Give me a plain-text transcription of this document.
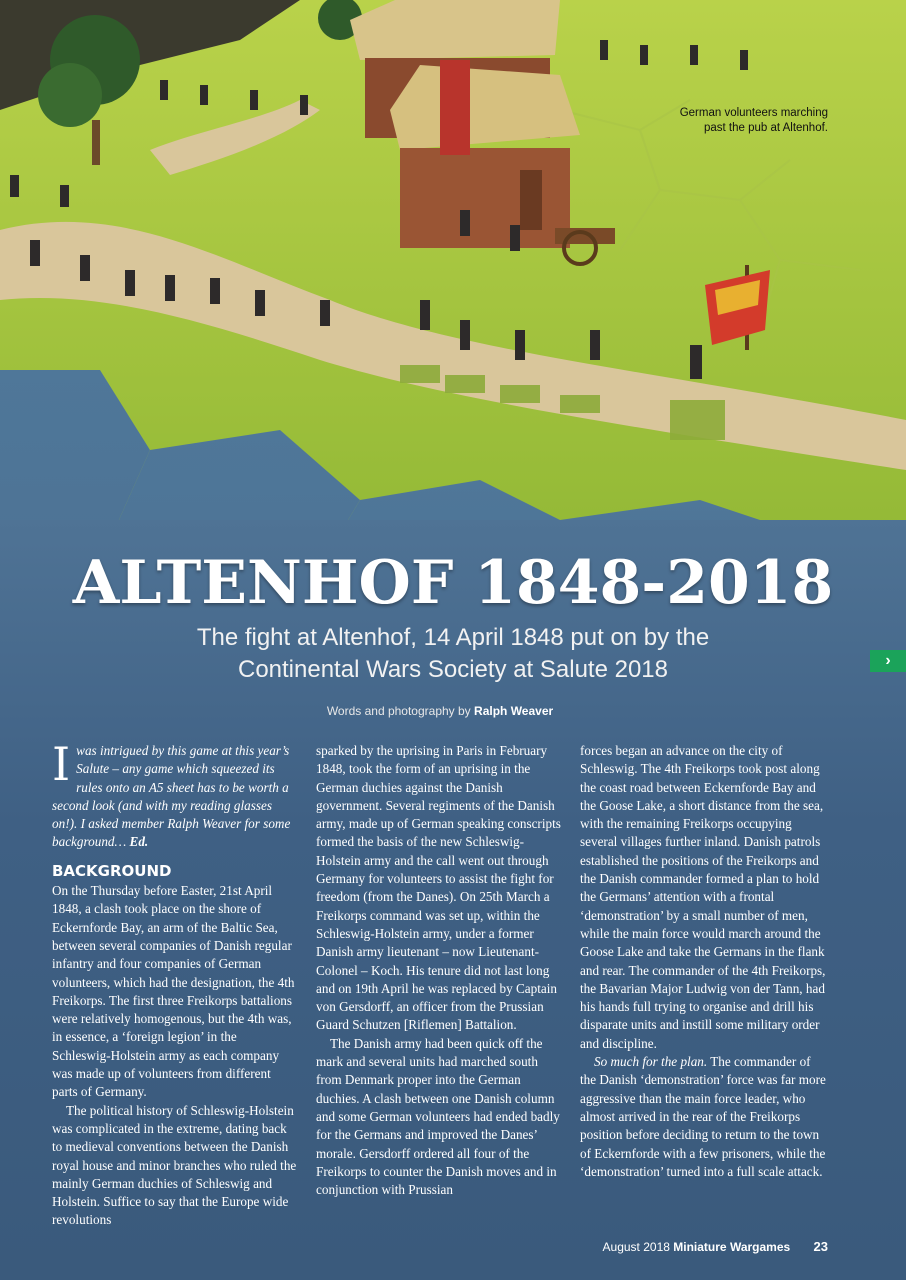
German volunteers marching past the pub at Altenhof.
›
ALTENHOF 1848-2018
The fight at Altenhof, 14 April 1848 put on by the
Continental Wars Society at Salute 2018
Words and photography by Ralph Weaver

Iwas intrigued by this game at this year’s Salute – any game which squeezed its rules onto an A5 sheet has to be worth a second look (and with my reading glasses on!). I asked member Ralph Weaver for some background… Ed.

BACKGROUND

On the Thursday before Easter, 21st April 1848, a clash took place on the shore of Eckernforde Bay, an arm of the Baltic Sea, between several companies of Danish regular infantry and four companies of German volunteers, which had the designation, the 4th Freikorps. The first three Freikorps battalions were relatively homogenous, but the 4th was, in essence, a ‘foreign legion’ in the Schleswig-Holstein army as each company was made up of volunteers from different parts of Germany.

The political history of Schleswig-Holstein was complicated in the extreme, dating back to medieval conventions between the Danish royal house and minor branches who ruled the mainly German duchies of Schleswig and Holstein. Suffice to say that the Europe wide revolutions

sparked by the uprising in Paris in February 1848, took the form of an uprising in the German duchies against the Danish government. Several regiments of the Danish army, made up of German speaking conscripts formed the basis of the new Schleswig-Holstein army and the call went out through Germany for volunteers to assist the fight for freedom (from the Danes). On 25th March a Freikorps command was set up, within the Schleswig-Holstein army, under a former Danish army lieutenant – now Lieutenant-Colonel – Koch. His tenure did not last long and on 19th April he was replaced by Captain von Gersdorff, an officer from the Prussian Guard Schutzen [Riflemen] Battalion.

The Danish army had been quick off the mark and several units had marched south from Denmark proper into the German duchies. A clash between one Danish column and some German volunteers had ended badly for the Germans and improved the Danes’ morale. Gersdorff ordered all four of the Freikorps to counter the Danish moves and in conjunction with Prussian

forces began an advance on the city of Schleswig. The 4th Freikorps took post along the coast road between Eckernforde Bay and the Goose Lake, a short distance from the sea, with the remaining Freikorps occupying several villages further inland. Danish patrols established the positions of the Freikorps and the Danish commander formed a plan to hold the Germans’ attention with a frontal ‘demonstration’ by a small number of men, while the main force would march around the Goose Lake and take the Germans in the flank and rear. The commander of the 4th Freikorps, the Bavarian Major Ludwig von der Tann, had his hands full trying to organise and drill his disparate units and instill some military order and discipline.

So much for the plan. The commander of the Danish ‘demonstration’ force was far more aggressive than the main force leader, who almost arrived in the rear of the Freikorps position before deciding to return to the town of Eckernforde with a few prisoners, while the ‘demonstration’ turned into a full scale attack.

August 2018 Miniature Wargames 23
